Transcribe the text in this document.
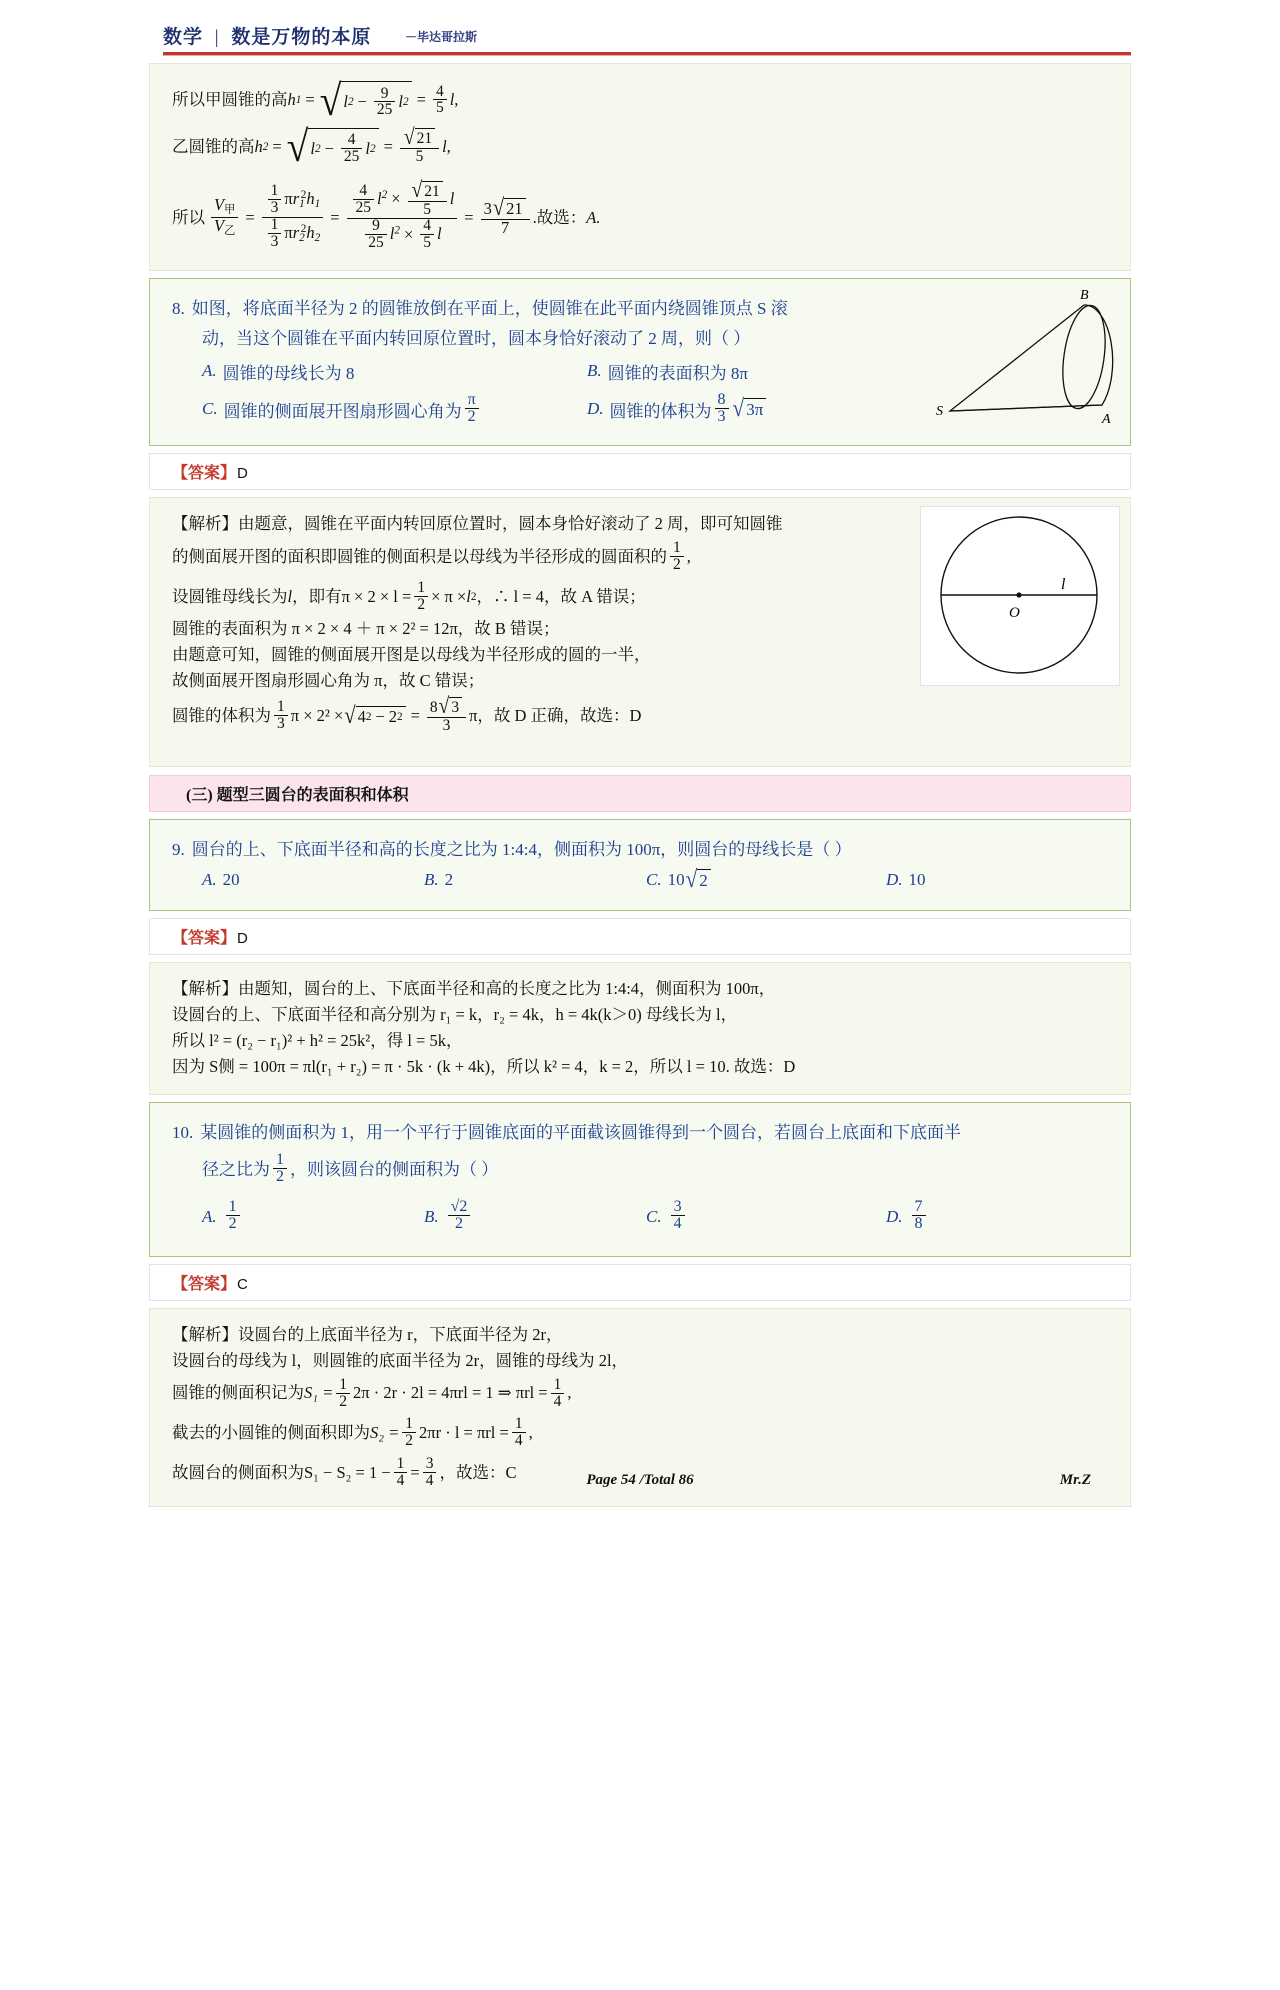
数学 | 数是万物的本原	－毕达哥拉斯
所以甲圆锥的高 h 1 = √ l $2 - \frac{9}{25}$ l $2 = \frac{4}{5}$ l ,
乙圆锥的高 h 2 = √ l $2 - \frac{4}{25}$ l $2 = \frac{√ 21}{5}$ l ,
所以 $\frac{V_甲}{V_乙} = \frac{\frac{1}{3} \pi r_1^2h_1}{\frac{1}{3} \pi r_2^2h_2} = \frac{\frac{4}{25} l^2 \times \frac{√ 21}{5} l}{\frac{9}{25} l^2 \times \frac{4}{5} l} = \frac{3 √ 21}{7}$ .故选： A.
8. 如图，将底面半径为 2 的圆锥放倒在平面上，使圆锥在此平面内绕圆锥顶点 S 滚
动，当这个圆锥在平面内转回原位置时，圆本身恰好滚动了 2 周，则（ ）
A. 圆锥的母线长为 8	B. 圆锥的表面积为 8π
C. 圆锥的侧面展开图扇形圆心角为 $\frac{\pi}{2}$	D. 圆锥的体积为 $\frac{8}{3}$ √ 3π
B
S
A
【答案】 D
【解析】 由题意，圆锥在平面内转回原位置时，圆本身恰好滚动了 2 周，即可知圆锥
的侧面展开图的面积即圆锥的侧面积是以母线为半径形成的圆面积的 $\frac{1}{2}$ ,
设圆锥母线长为 l ，即有 $\pi \times 2 \times l = \frac{1}{2} \times \pi \times l$ 2 ，∴ l = 4，故 A 错误；
圆锥的表面积为 π × 2 × 4 ＋ π × 2² = 12π，故 B 错误；
由题意可知，圆锥的侧面展开图是以母线为半径形成的圆的一半，
故侧面展开图扇形圆心角为 π，故 C 错误；
圆锥的体积为 $\frac{1}{3}$ π × 2² × √ 4 2 − 2 $2 = \frac{8 √ 3}{3}$ π，故 D 正确，故选：D
O
l
(三) 题型三圆台的表面积和体积
9. 圆台的上、下底面半径和高的长度之比为 1:4:4，侧面积为 100π，则圆台的母线长是（ ）
A. 20	B. 2	C. 10 √ 2	D. 10
【答案】 D
【解析】 由题知，圆台的上、下底面半径和高的长度之比为 1:4:4，侧面积为 100π，
设圆台的上、下底面半径和高分别为 r₁ = k，r₂ = 4k，h = 4k(k＞0) 母线长为 l，
所以 l² = (r₂ − r₁)² + h² = 25k²，得 l = 5k，
因为 S侧 = 100π = πl(r₁ + r₂) = π · 5k · (k + 4k)，所以 k² = 4，k = 2，所以 l = 10. 故选：D
10. 某圆锥的侧面积为 1，用一个平行于圆锥底面的平面截该圆锥得到一个圆台，若圆台上底面和下底面半
径之比为 $\frac{1}{2}$ ，则该圆台的侧面积为（ ）
A. $\frac{1}{2}$	B. $\frac{√2}{2}$	C. $\frac{3}{4}$	D. $\frac{7}{8}$
【答案】 C
【解析】 设圆台的上底面半径为 r，下底面半径为 2r，
设圆台的母线为 l，则圆锥的底面半径为 2r，圆锥的母线为 2l，
圆锥的侧面积记为 $S_1 = \frac{1}{2} 2\pi \cdot 2r \cdot 2l = 4\pi rl = 1$ ⇒ $\pi rl = \frac{1}{4}$ ,
截去的小圆锥的侧面积即为 $S_2 = \frac{1}{2} 2\pi r \cdot l = \pi rl = \frac{1}{4}$ ,
故圆台的侧面积为 $S_1 - S_2 = 1 - \frac{1}{4} = \frac{3}{4}$ ，故选：C	Page 54 /Total 86	Mr.Z
